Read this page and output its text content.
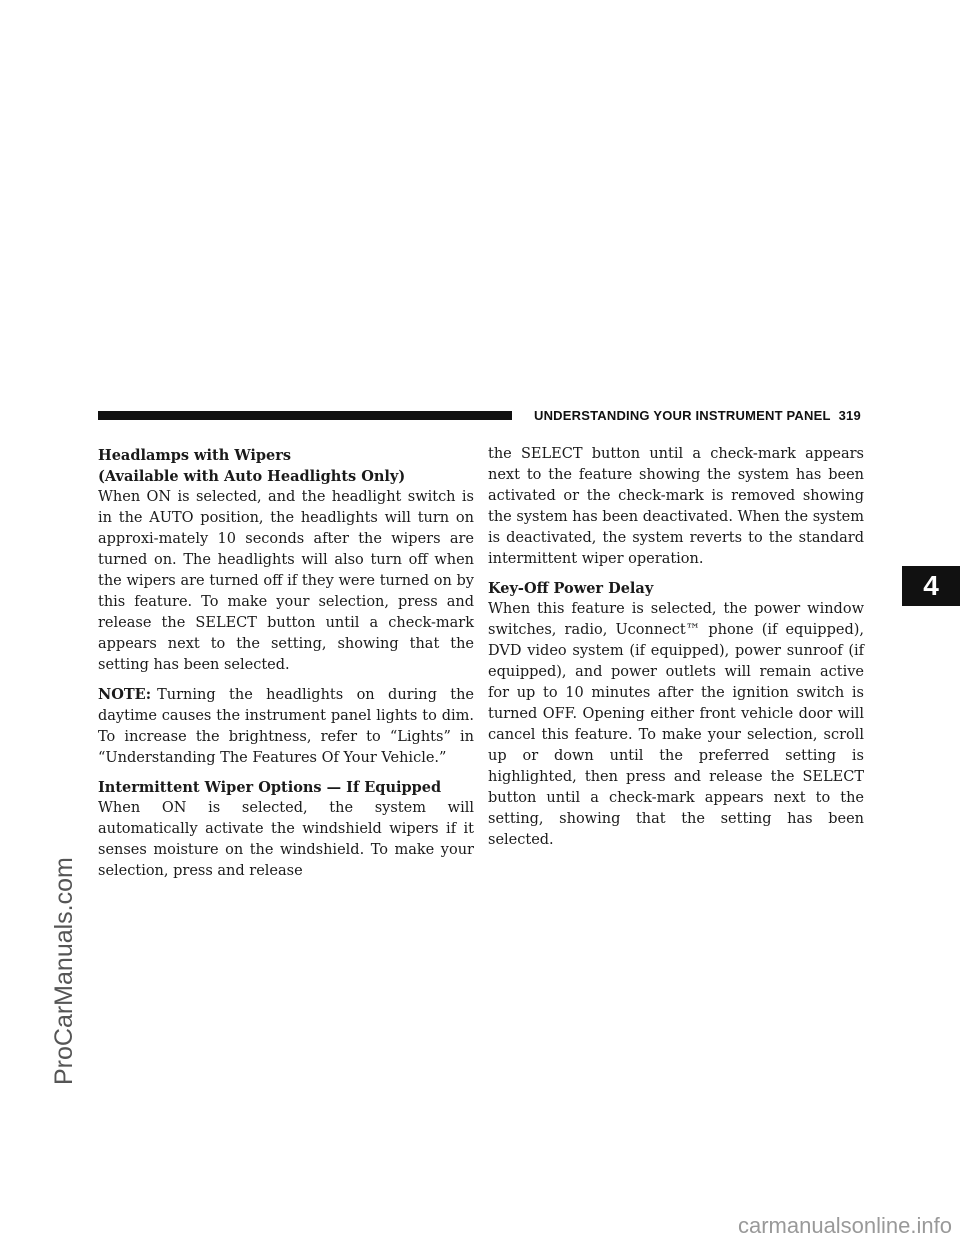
UNDERSTANDING YOUR INSTRUMENT PANEL 319
4
ProCarManuals.com
carmanualsonline.info
Headlamps with Wipers
(Available with Auto Headlights Only)

When ON is selected, and the headlight switch is in the AUTO position, the headlights will turn on approxi-mately 10 seconds after the wipers are turned on. The headlights will also turn off when the wipers are turned off if they were turned on by this feature. To make your selection, press and release the SELECT button until a check-mark appears next to the setting, showing that the setting has been selected.

NOTE: Turning the headlights on during the daytime causes the instrument panel lights to dim. To increase the brightness, refer to “Lights” in “Understanding The Features Of Your Vehicle.”

Intermittent Wiper Options — If Equipped

When ON is selected, the system will automatically activate the windshield wipers if it senses moisture on the windshield. To make your selection, press and release

the SELECT button until a check-mark appears next to the feature showing the system has been activated or the check-mark is removed showing the system has been deactivated. When the system is deactivated, the system reverts to the standard intermittent wiper operation.

Key-Off Power Delay

When this feature is selected, the power window switches, radio, Uconnect™ phone (if equipped), DVD video system (if equipped), power sunroof (if equipped), and power outlets will remain active for up to 10 minutes after the ignition switch is turned OFF. Opening either front vehicle door will cancel this feature. To make your selection, scroll up or down until the preferred setting is highlighted, then press and release the SELECT button until a check-mark appears next to the setting, showing that the setting has been selected.
